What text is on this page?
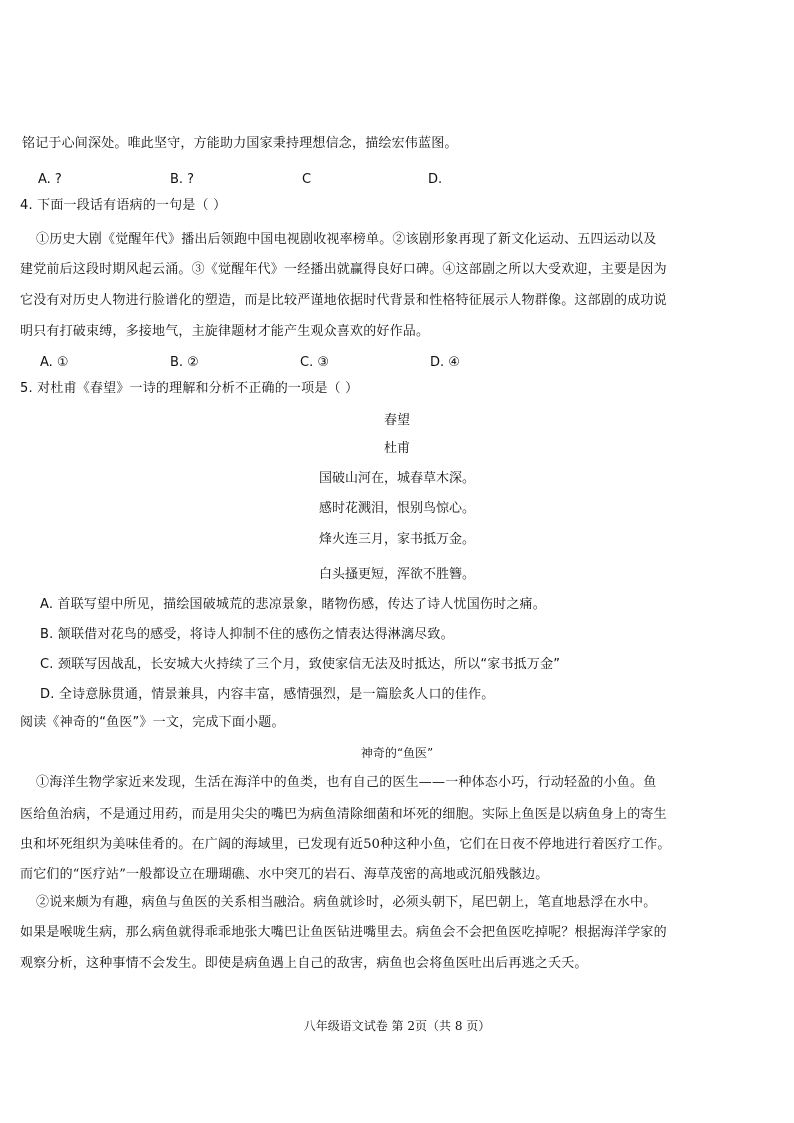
铭记于心间深处。唯此坚守，方能助力国家秉持理想信念，描绘宏伟蓝图。
A. ?	B. ?	C	D.
4. 下面一段话有语病的一句是（ ）
①历史大剧《觉醒年代》播出后领跑中国电视剧收视率榜单。②该剧形象再现了新文化运动、五四运动以及
建党前后这段时期风起云涌。③《觉醒年代》一经播出就赢得良好口碑。④这部剧之所以大受欢迎，主要是因为
它没有对历史人物进行脸谱化的塑造，而是比较严谨地依据时代背景和性格特征展示人物群像。这部剧的成功说
明只有打破束缚，多接地气，主旋律题材才能产生观众喜欢的好作品。
A. ①	B. ②	C. ③	D. ④
5. 对杜甫《春望》一诗的理解和分析不正确的一项是（ ）
春望
杜甫
国破山河在，城春草木深。
感时花溅泪，恨别鸟惊心。
烽火连三月，家书抵万金。
白头搔更短，浑欲不胜簪。
A. 首联写望中所见，描绘国破城荒的悲凉景象，睹物伤感，传达了诗人忧国伤时之痛。
B. 颔联借对花鸟的感受，将诗人抑制不住的感伤之情表达得淋漓尽致。
C. 颈联写因战乱，长安城大火持续了三个月，致使家信无法及时抵达，所以“家书抵万金”
D. 全诗意脉贯通，情景兼具，内容丰富，感情强烈，是一篇脍炙人口的佳作。
阅读《神奇的“鱼医”》一文，完成下面小题。
神奇的“鱼医”
①海洋生物学家近来发现，生活在海洋中的鱼类，也有自己的医生——一种体态小巧，行动轻盈的小鱼。鱼
医给鱼治病，不是通过用药，而是用尖尖的嘴巴为病鱼清除细菌和坏死的细胞。实际上鱼医是以病鱼身上的寄生
虫和坏死组织为美味佳肴的。在广阔的海域里，已发现有近50种这种小鱼，它们在日夜不停地进行着医疗工作。
而它们的“医疗站”一般都设立在珊瑚礁、水中突兀的岩石、海草茂密的高地或沉船残骸边。
②说来颇为有趣，病鱼与鱼医的关系相当融洽。病鱼就诊时，必须头朝下，尾巴朝上，笔直地悬浮在水中。
如果是喉咙生病，那么病鱼就得乖乖地张大嘴巴让鱼医钻进嘴里去。病鱼会不会把鱼医吃掉呢？根据海洋学家的
观察分析，这种事情不会发生。即使是病鱼遇上自己的敌害，病鱼也会将鱼医吐出后再逃之夭夭。
八年级语文试卷 第 2页（共 8 页）
